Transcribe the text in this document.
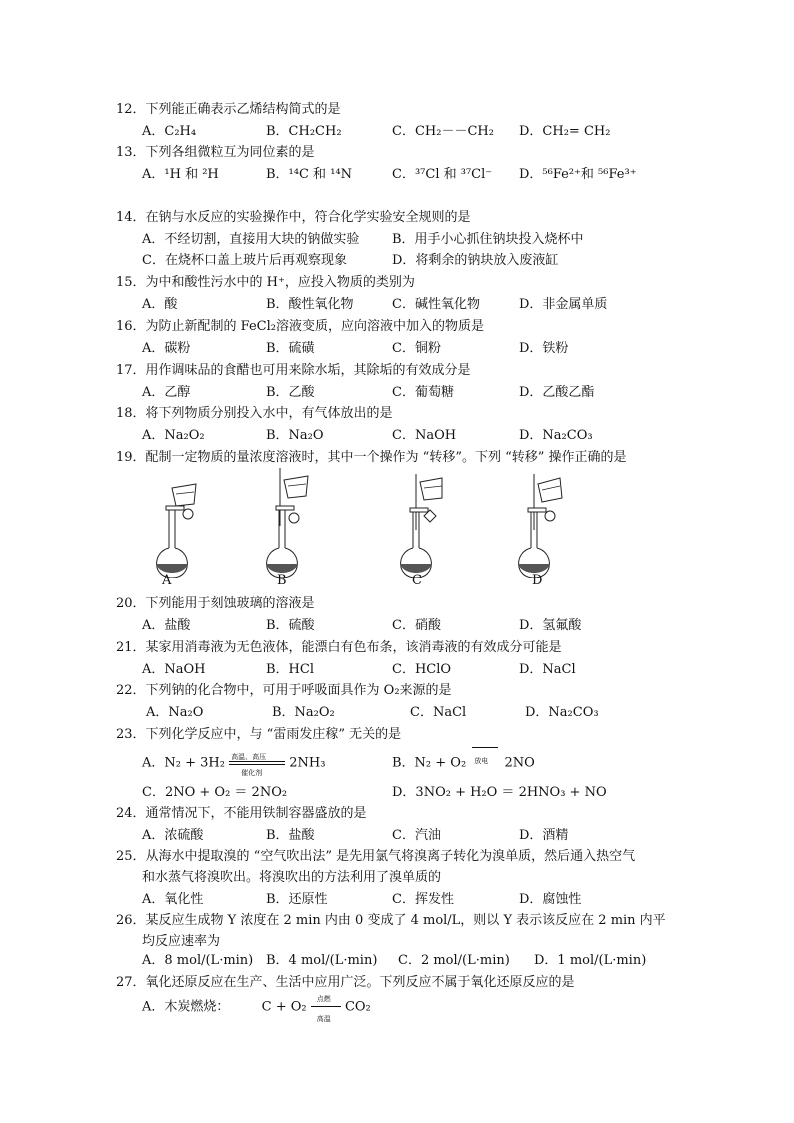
12．下列能正确表示乙烯结构简式的是
A．C₂H₄	B．CH₂CH₂	C．CH₂－－CH₂ D．CH₂= CH₂
13．下列各组微粒互为同位素的是
A．¹H 和 ²H	B．¹⁴C 和 ¹⁴N	C．³⁷Cl 和 ³⁷Cl⁻ D．⁵⁶Fe²⁺和 ⁵⁶Fe³⁺
14．在钠与水反应的实验操作中，符合化学实验安全规则的是
A．不经切割，直接用大块的钠做实验	B．用手小心抓住钠块投入烧杯中
C．在烧杯口盖上玻片后再观察现象	D．将剩余的钠块放入废液缸
15．为中和酸性污水中的 H⁺，应投入物质的类别为
A．酸	B．酸性氧化物	C．碱性氧化物	D．非金属单质
16．为防止新配制的 FeCl₂溶液变质，应向溶液中加入的物质是
A．碳粉	B．硫磺	C．铜粉	D．铁粉
17．用作调味品的食醋也可用来除水垢，其除垢的有效成分是
A．乙醇	B．乙酸	C．葡萄糖	D．乙酸乙酯
18．将下列物质分别投入水中，有气体放出的是
A．Na₂O₂	B．Na₂O	C．NaOH	D．Na₂CO₃
19．配制一定物质的量浓度溶液时，其中一个操作为 “转移”。下列 “转移” 操作正确的是
A	B	C	D
20．下列能用于刻蚀玻璃的溶液是
A．盐酸	B．硫酸	C．硝酸	D．氢氟酸
21．某家用消毒液为无色液体，能漂白有色布条，该消毒液的有效成分可能是
A．NaOH	B．HCl	C．HClO	D．NaCl
22．下列钠的化合物中，可用于呼吸面具作为 O₂来源的是
A．Na₂O	B．Na₂O₂	C．NaCl	D．Na₂CO₃
23．下列化学反应中，与 “雷雨发庄稼” 无关的是
A．N₂ + 3H₂ 高温、高压
催化剂
2NH₃	B．N₂ + O₂ 放电 2NO
C．2NO + O₂ ＝ 2NO₂	D．3NO₂ + H₂O ＝ 2HNO₃ + NO
24．通常情况下，不能用铁制容器盛放的是
A．浓硫酸	B．盐酸	C．汽油	D．酒精
25．从海水中提取溴的 “空气吹出法” 是先用氯气将溴离子转化为溴单质，然后通入热空气
和水蒸气将溴吹出。将溴吹出的方法利用了溴单质的
A．氧化性	B．还原性	C．挥发性	D．腐蚀性
26．某反应生成物 Y 浓度在 2 min 内由 0 变成了 4 mol/L，则以 Y 表示该反应在 2 min 内平
均反应速率为
A．8 mol/(L·min) B．4 mol/(L·min) C．2 mol/(L·min) D．1 mol/(L·min)
27．氧化还原反应在生产、生活中应用广泛。下列反应不属于氧化还原反应的是
A．木炭燃烧： C + O₂
点燃
高温
CO₂
